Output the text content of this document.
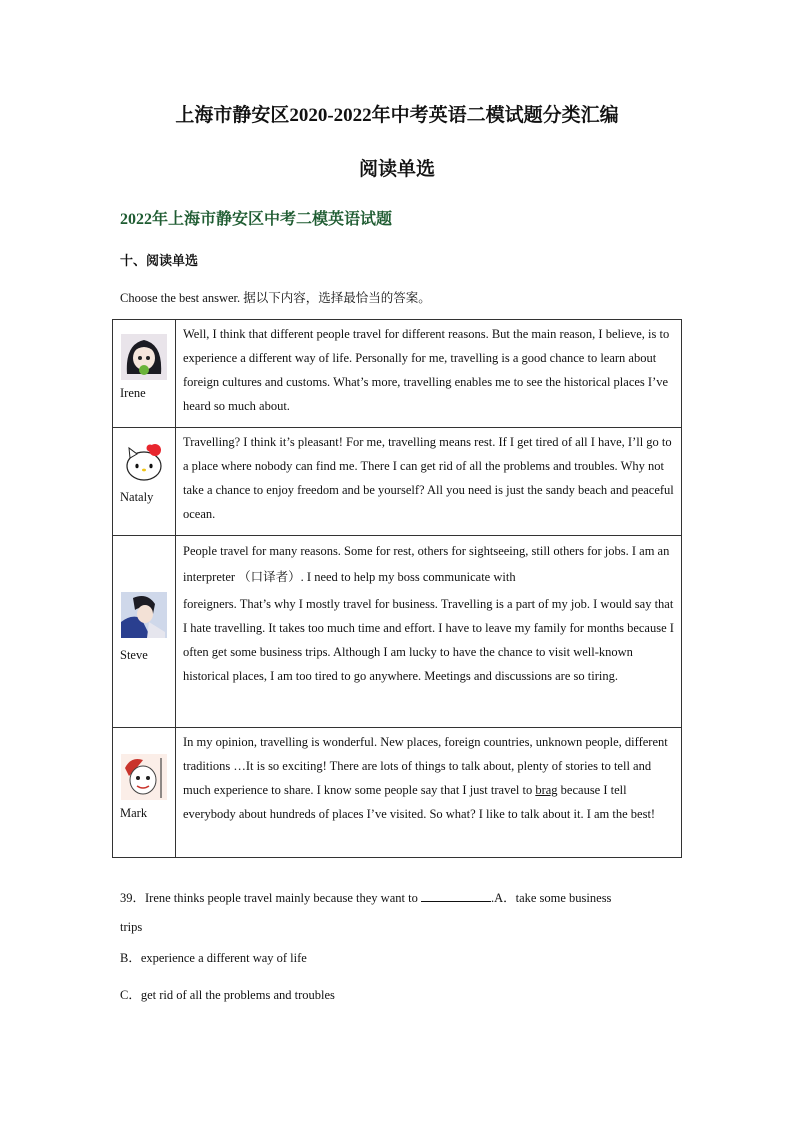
上海市静安区2020-2022年中考英语二模试题分类汇编
阅读单选
2022年上海市静安区中考二模英语试题
十、阅读单选
Choose the best answer. 据以下内容，选择最恰当的答案。
Irene	Well, I think that different people travel for different reasons. But the main reason, I believe, is to experience a different way of life. Personally for me, travelling is a good chance to learn about foreign cultures and customs. What’s more, travelling enables me to see the historical places I’ve heard so much about.

Nataly	Travelling? I think it’s pleasant! For me, travelling means rest. If I get tired of all I have, I’ll go to a place where nobody can find me. There I can get rid of all the problems and troubles. Why not take a chance to enjoy freedom and be yourself? All you need is just the sandy beach and peaceful ocean.

Steve	People travel for many reasons. Some for rest, others for sightseeing, still others for jobs. I am an interpreter （口译者）. I need to help my boss communicate with
foreigners. That’s why I mostly travel for business. Travelling is a part of my job. I would say that I hate travelling. It takes too much time and effort. I have to leave my family for months because I often get some business trips. Although I am lucky to have the chance to visit well-known historical places, I am too tired to go anywhere. Meetings and discussions are so tiring.

Mark	In my opinion, travelling is wonderful. New places, foreign countries, unknown people, different traditions …It is so exciting! There are lots of things to talk about, plenty of stories to tell and much experience to share. I know some people say that I just travel to brag because I tell everybody about hundreds of places I’ve visited. So what? I like to talk about it. I am the best!
39．Irene thinks people travel mainly because they want to	.A．take some business
trips
B．experience a different way of life
C．get rid of all the problems and troubles
